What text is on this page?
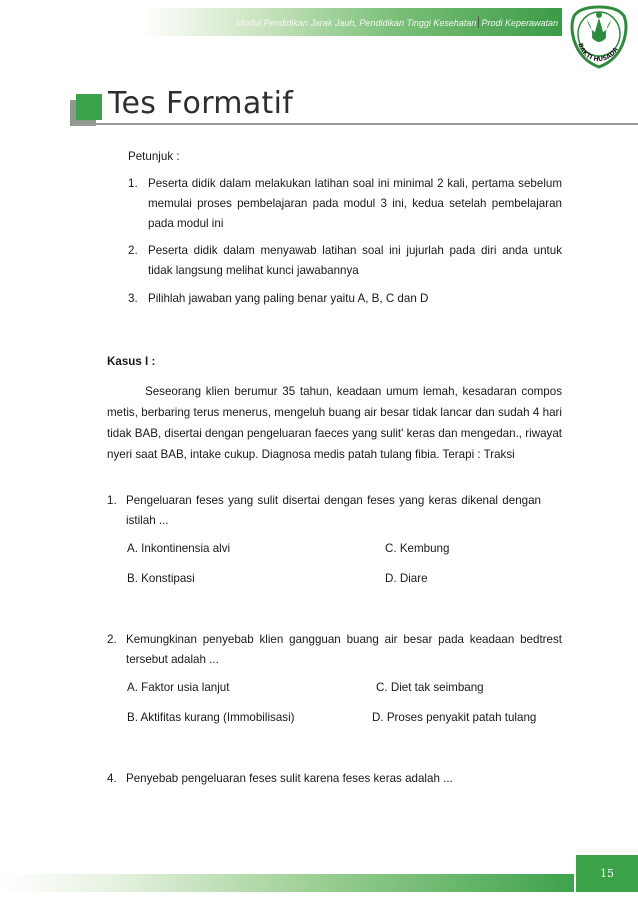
Modul Pendidikan Jarak Jauh, Pendidikan Tinggi Kesehatan Prodi Keperawatan
BAKTI HUSADA
Tes Formatif
Petunjuk :
1. Peserta didik dalam melakukan latihan soal ini minimal 2 kali, pertama sebelum memulai proses pembelajaran pada modul 3 ini, kedua setelah pembelajaran pada modul ini
2. Peserta didik dalam menyawab latihan soal ini jujurlah pada diri anda untuk tidak langsung melihat kunci jawabannya
3. Pilihlah jawaban yang paling benar yaitu A, B, C dan D
Kasus I :
Seseorang klien berumur 35 tahun, keadaan umum lemah, kesadaran compos metis, berbaring terus menerus, mengeluh buang air besar tidak lancar dan sudah 4 hari tidak BAB, disertai dengan pengeluaran faeces yang sulit' keras dan mengedan., riwayat nyeri saat BAB, intake cukup. Diagnosa medis patah tulang fibia. Terapi : Traksi
1. Pengeluaran feses yang sulit disertai dengan feses yang keras dikenal dengan istilah ...
A. Inkontinensia alvi	C. Kembung
B. Konstipasi	D. Diare
2. Kemungkinan penyebab klien gangguan buang air besar pada keadaan bedtrest tersebut adalah ...
A. Faktor usia lanjut	C. Diet tak seimbang
B. Aktifitas kurang (Immobilisasi)	D. Proses penyakit patah tulang
4. Penyebab pengeluaran feses sulit karena feses keras adalah ...
15
